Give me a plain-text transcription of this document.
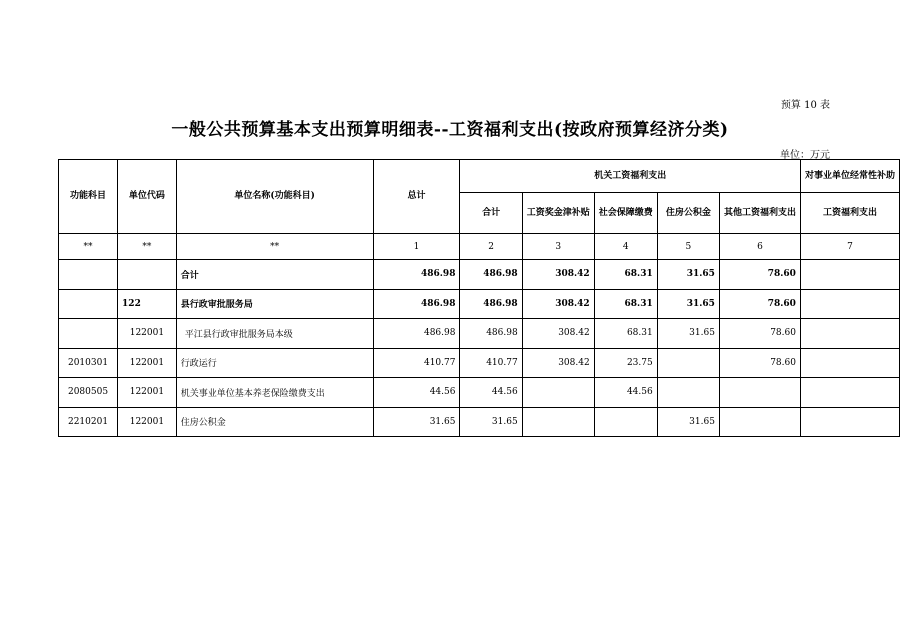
预算 10 表
一般公共预算基本支出预算明细表--工资福利支出(按政府预算经济分类)
单位：万元
功能科目	单位代码	单位名称(功能科目)	总计	机关工资福利支出					对事业单位经常性补助
				合计	工资奖金津补贴	社会保障缴费	住房公积金	其他工资福利支出	工资福利支出
**	**	**	1	2	3	4	5	6	7
		合计	486.98	486.98	308.42	68.31	31.65	78.60	
	122	县行政审批服务局	486.98	486.98	308.42	68.31	31.65	78.60	
	122001	平江县行政审批服务局本级	486.98	486.98	308.42	68.31	31.65	78.60	
2010301	122001	行政运行	410.77	410.77	308.42	23.75		78.60	
2080505	122001	机关事业单位基本养老保险缴费支出	44.56	44.56		44.56			
2210201	122001	住房公积金	31.65	31.65			31.65		
